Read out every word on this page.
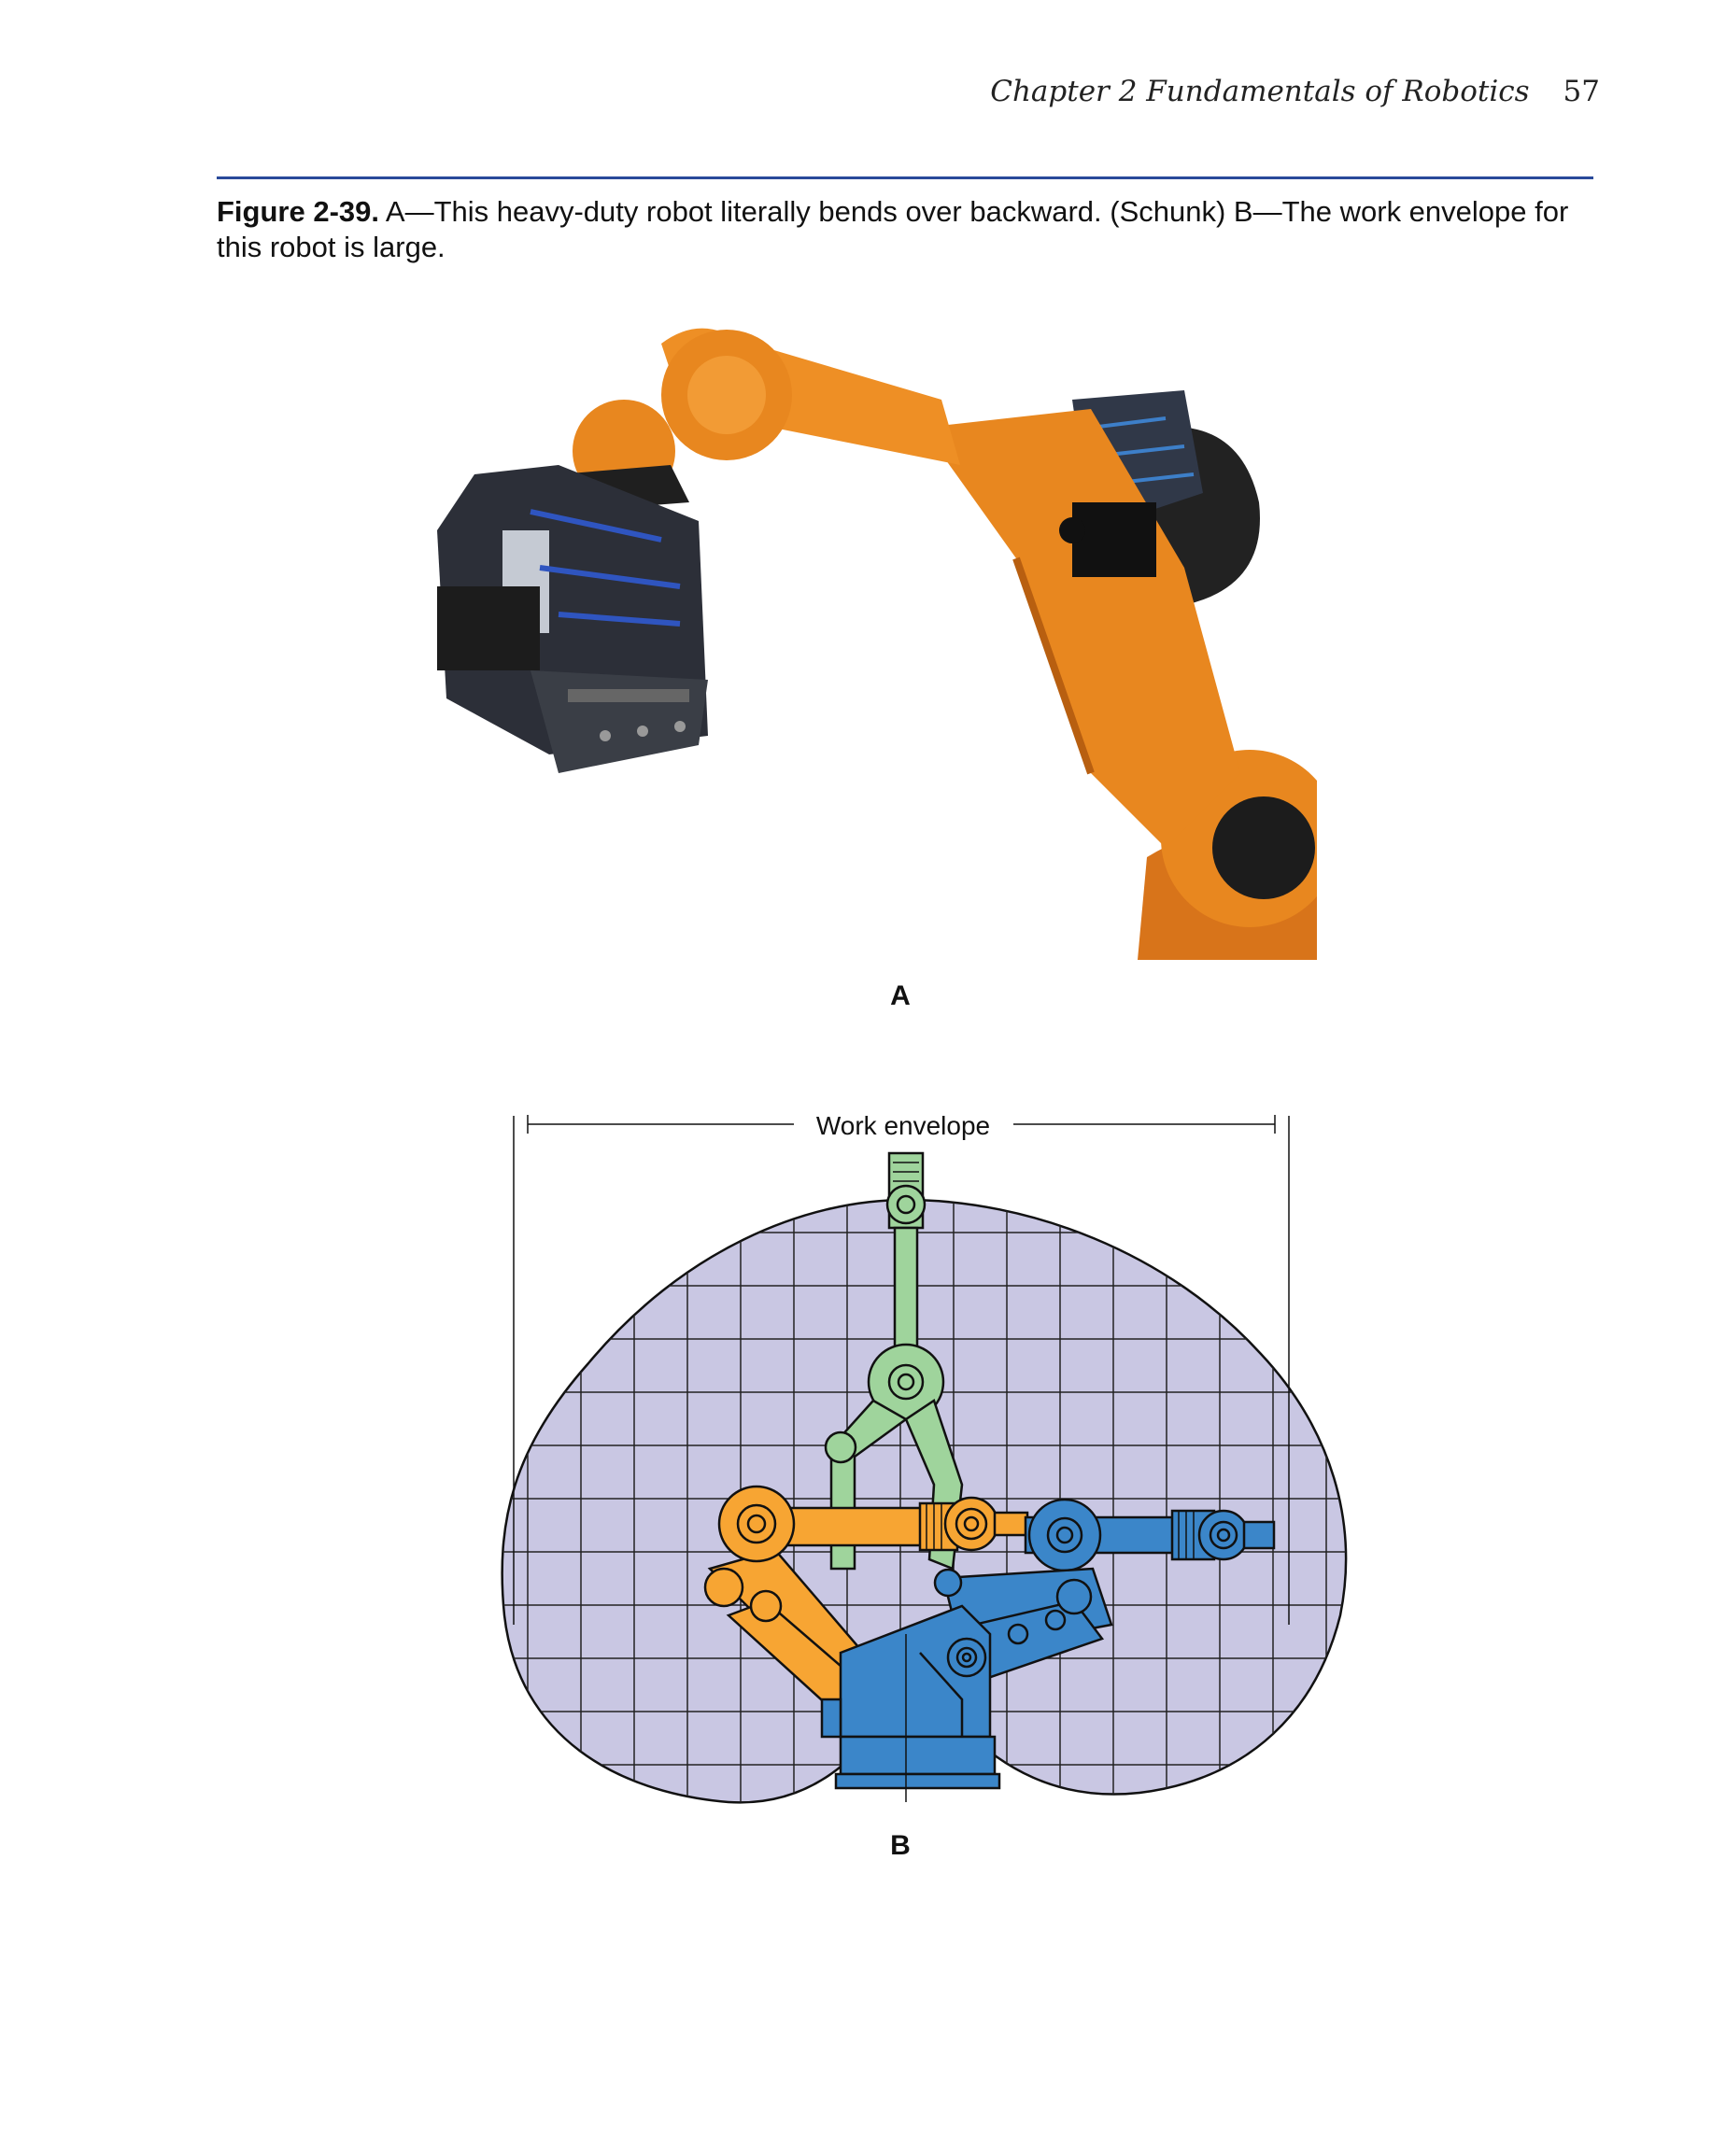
Chapter 2 Fundamentals of Robotics 57
Figure 2-39. A—This heavy-duty robot literally bends over backward. (Schunk) B—The work envelope for this robot is large.
A
Work envelope
B
